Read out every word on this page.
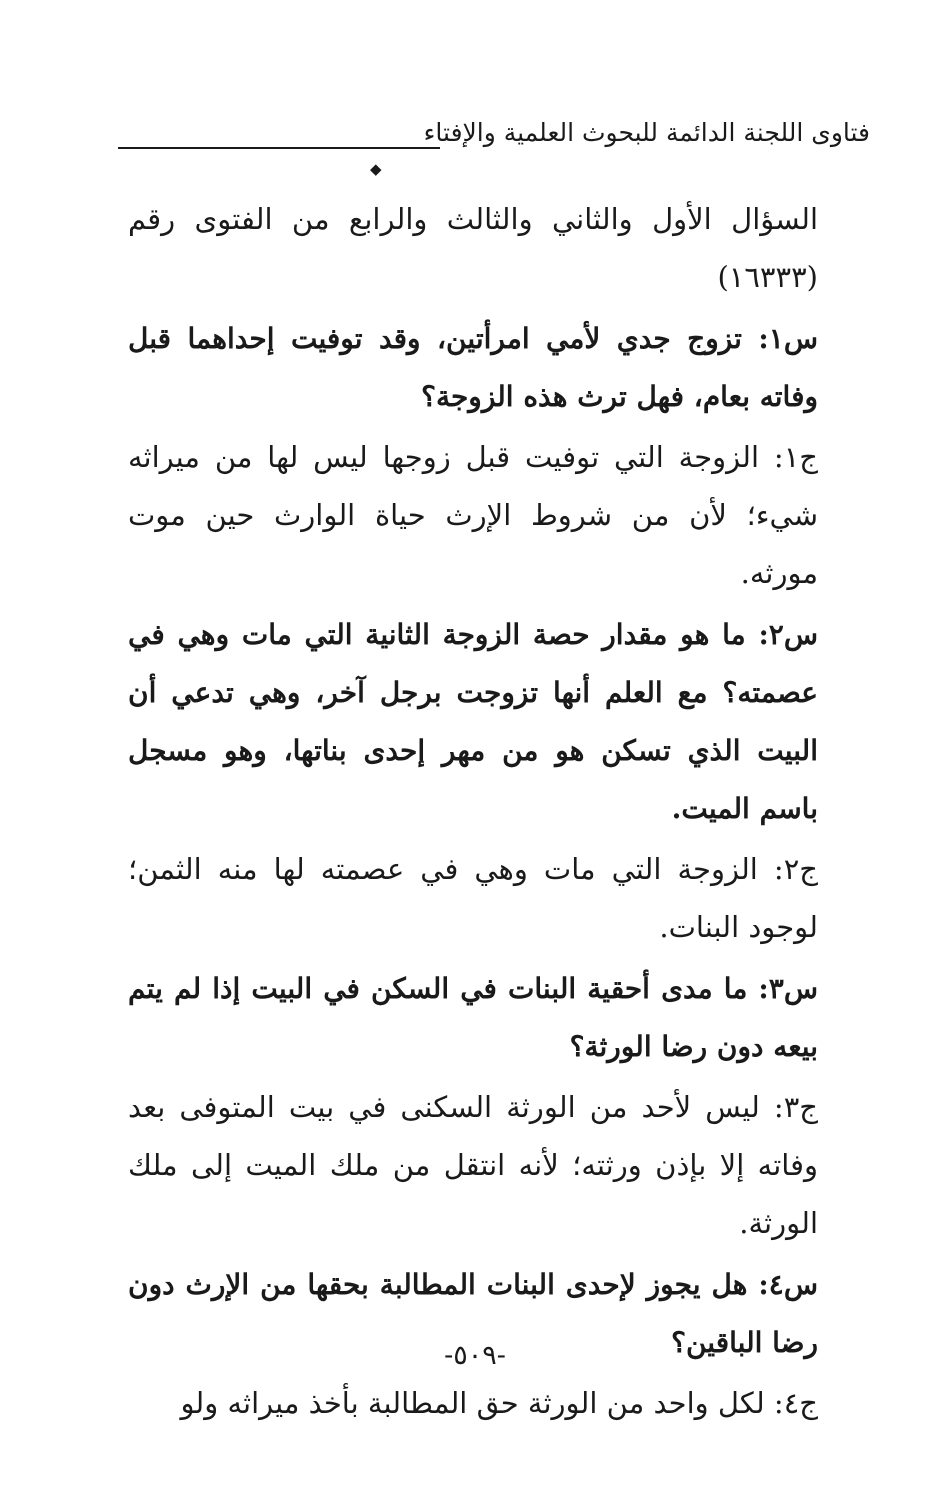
فتاوى اللجنة الدائمة للبحوث العلمية والإفتاء
◆

السؤال الأول والثاني والثالث والرابع من الفتوى رقم (١٦٣٣٣)

س١: تزوج جدي لأمي امرأتين، وقد توفيت إحداهما قبل وفاته بعام، فهل ترث هذه الزوجة؟

ج١: الزوجة التي توفيت قبل زوجها ليس لها من ميراثه شيء؛ لأن من شروط الإرث حياة الوارث حين موت مورثه.

س٢: ما هو مقدار حصة الزوجة الثانية التي مات وهي في عصمته؟ مع العلم أنها تزوجت برجل آخر، وهي تدعي أن البيت الذي تسكن هو من مهر إحدى بناتها، وهو مسجل باسم الميت.

ج٢: الزوجة التي مات وهي في عصمته لها منه الثمن؛ لوجود البنات.

س٣: ما مدى أحقية البنات في السكن في البيت إذا لم يتم بيعه دون رضا الورثة؟

ج٣: ليس لأحد من الورثة السكنى في بيت المتوفى بعد وفاته إلا بإذن ورثته؛ لأنه انتقل من ملك الميت إلى ملك الورثة.

س٤: هل يجوز لإحدى البنات المطالبة بحقها من الإرث دون رضا الباقين؟

ج٤: لكل واحد من الورثة حق المطالبة بأخذ ميراثه ولو

-٥٠٩-
